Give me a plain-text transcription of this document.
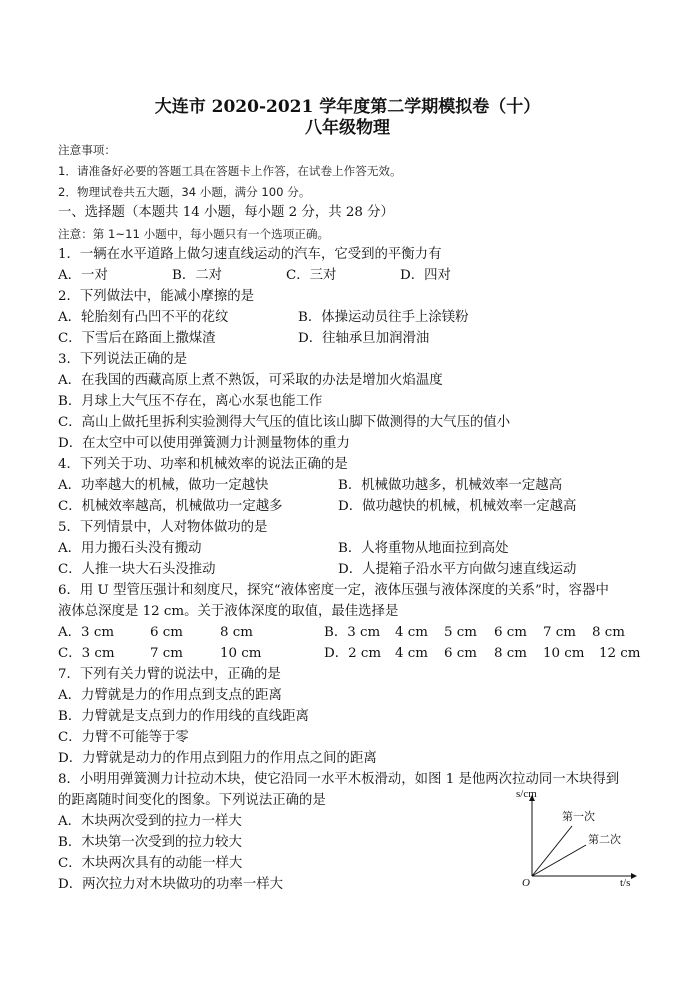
大连市 2020-2021 学年度第二学期模拟卷（十）
八年级物理
注意事项：
1．请准备好必要的答题工具在答题卡上作答，在试卷上作答无效。
2．物理试卷共五大题，34 小题，满分 100 分。
一、选择题（本题共 14 小题，每小题 2 分，共 28 分）
注意：第 1~11 小题中，每小题只有一个选项正确。
1．一辆在水平道路上做匀速直线运动的汽车，它受到的平衡力有
A．一对	B．二对	C．三对	D．四对
2．下列做法中，能减小摩擦的是
A．轮胎刻有凸凹不平的花纹	B．体操运动员往手上涂镁粉
C．下雪后在路面上撒煤渣	D．往轴承旦加润滑油
3．下列说法正确的是
A．在我国的西藏高原上煮不熟饭，可采取的办法是增加火焰温度
B．月球上大气压不存在，离心水泵也能工作
C．高山上做托里拆利实验测得大气压的值比该山脚下做测得的大气压的值小
D．在太空中可以使用弹簧测力计测量物体的重力
4．下列关于功、功率和机械效率的说法正确的是
A．功率越大的机械，做功一定越快	B．机械做功越多，机械效率一定越高
C．机械效率越高，机械做功一定越多	D．做功越快的机械，机械效率一定越高
5．下列情景中，人对物体做功的是
A．用力搬石头没有搬动	B．人将重物从地面拉到高处
C．人推一块大石头没推动	D．人提箱子沿水平方向做匀速直线运动
6．用 U 型管压强计和刻度尺，探究“液体密度一定，液体压强与液体深度的关系”时，容器中
液体总深度是 12 cm。关于液体深度的取值，最佳选择是
A．3 cm	6 cm	8 cm	B．3 cm 4 cm 5 cm 6 cm 7 cm 8 cm
C．3 cm	7 cm	10 cm	D．2 cm 4 cm 6 cm 8 cm 10 cm 12 cm
7．下列有关力臂的说法中，正确的是
A．力臂就是力的作用点到支点的距离
B．力臂就是支点到力的作用线的直线距离
C．力臂不可能等于零
D．力臂就是动力的作用点到阻力的作用点之间的距离
8．小明用弹簧测力计拉动木块，使它沿同一水平木板滑动，如图 1 是他两次拉动同一木块得到
的距离随时间变化的图象。下列说法正确的是
A．木块两次受到的拉力一样大
B．木块第一次受到的拉力较大
C．木块两次具有的动能一样大
D．两次拉力对木块做功的功率一样大
s/cm
t/s
O
第一次
第二次
